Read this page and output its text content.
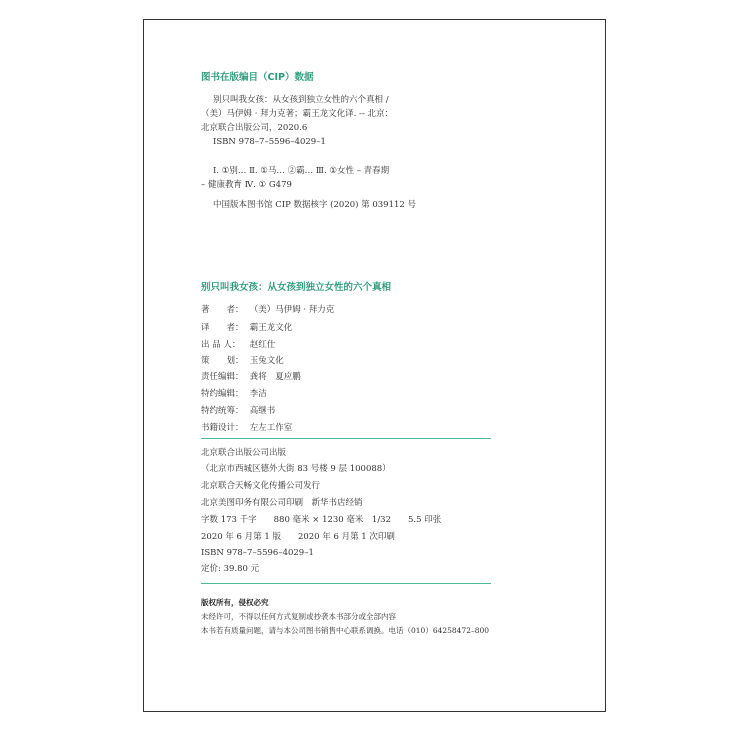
图书在版编目（CIP）数据
别只叫我女孩：从女孩到独立女性的六个真相 /
（美）马伊姆 · 拜力克著；霸王龙文化译. -- 北京：
北京联合出版公司，2020.6
ISBN 978–7–5596–4029–1
Ⅰ. ①别… Ⅱ. ①马… ②霸… Ⅲ. ①女性 – 青春期
– 健康教育 Ⅳ. ① G479
中国版本图书馆 CIP 数据核字 (2020) 第 039112 号
别只叫我女孩：从女孩到独立女性的六个真相
著　　者： （美）马伊姆 · 拜力克
译　　者： 霸王龙文化
出 品 人： 赵红仕
策　　划： 玉兔文化
责任编辑： 龚将　夏应鹏
特约编辑： 李洁
特约统筹： 高继书
书籍设计： 左左工作室
北京联合出版公司出版
（北京市西城区德外大街 83 号楼 9 层 100088）
北京联合天畅文化传播公司发行
北京美图印务有限公司印刷　新华书店经销
字数 173 千字　　880 毫米 × 1230 毫米　1/32　　5.5 印张
2020 年 6 月第 1 版　　2020 年 6 月第 1 次印刷
ISBN 978–7–5596–4029–1
定价: 39.80 元
版权所有，侵权必究
未经许可，不得以任何方式复制或抄袭本书部分或全部内容
本书若有质量问题，请与本公司图书销售中心联系调换。电话（010）64258472–800
